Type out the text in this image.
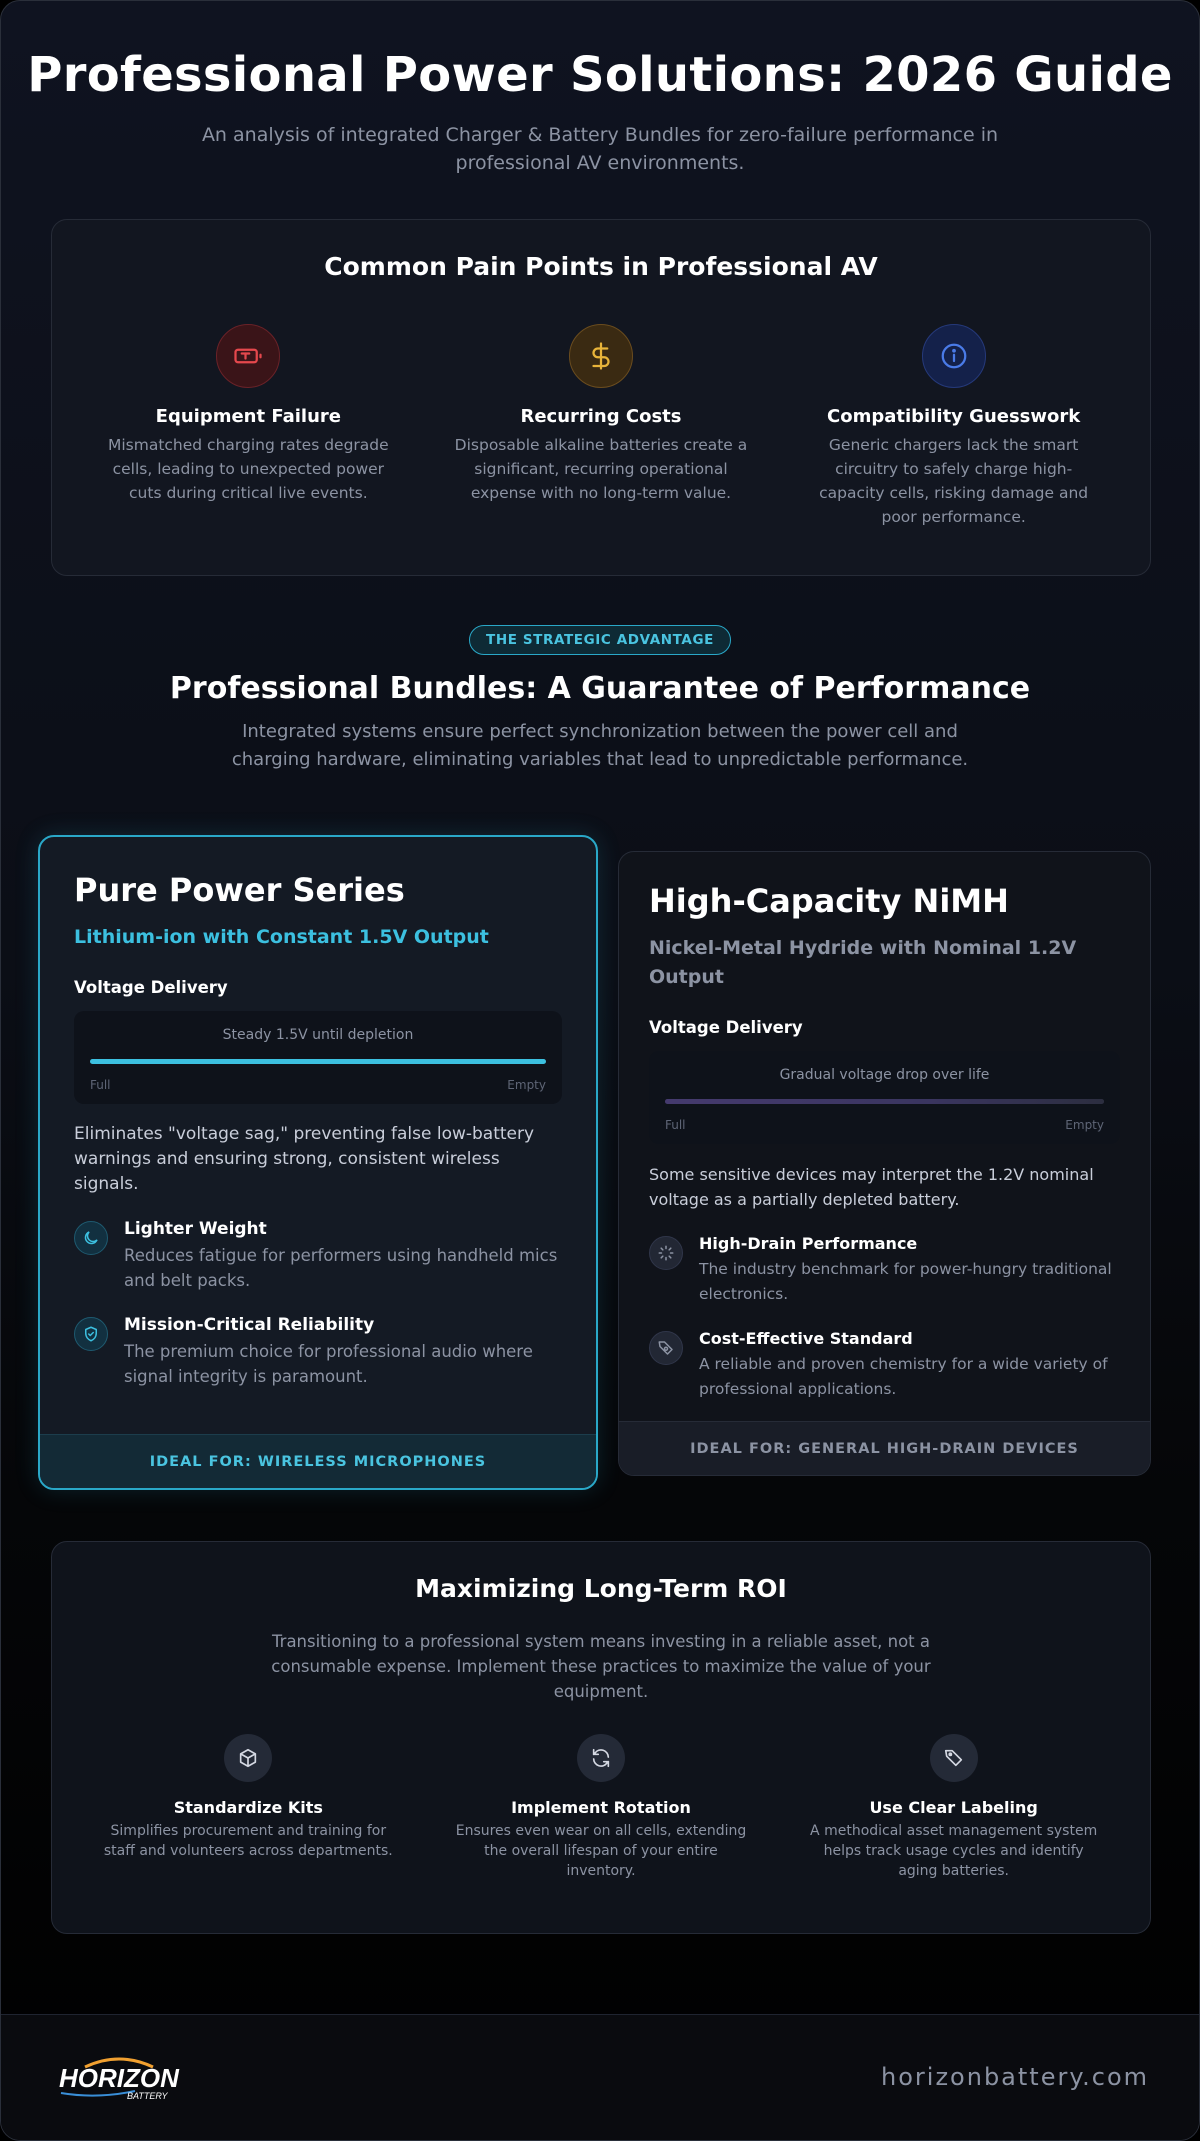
Professional Power Solutions: 2026 Guide

An analysis of integrated Charger & Battery Bundles for zero-failure performance in professional AV environments.

Common Pain Points in Professional AV
Equipment Failure

Mismatched charging rates degrade cells, leading to unexpected power cuts during critical live events.

Recurring Costs

Disposable alkaline batteries create a significant, recurring operational expense with no long-term value.

Compatibility Guesswork

Generic chargers lack the smart circuitry to safely charge high-capacity cells, risking damage and poor performance.

THE STRATEGIC ADVANTAGE
Professional Bundles: A Guarantee of Performance

Integrated systems ensure perfect synchronization between the power cell and charging hardware, eliminating variables that lead to unpredictable performance.

Pure Power Series
Lithium-ion with Constant 1.5V Output
Voltage Delivery
Steady 1.5V until depletion
Full	Empty

Eliminates "voltage sag," preventing false low-battery warnings and ensuring strong, consistent wireless signals.

Lighter Weight

Reduces fatigue for performers using handheld mics and belt packs.

Mission-Critical Reliability

The premium choice for professional audio where signal integrity is paramount.

IDEAL FOR: WIRELESS MICROPHONES
High-Capacity NiMH
Nickel-Metal Hydride with Nominal 1.2V Output
Voltage Delivery
Gradual voltage drop over life
Full	Empty

Some sensitive devices may interpret the 1.2V nominal voltage as a partially depleted battery.

High-Drain Performance

The industry benchmark for power-hungry traditional electronics.

Cost-Effective Standard

A reliable and proven chemistry for a wide variety of professional applications.

IDEAL FOR: GENERAL HIGH-DRAIN DEVICES
Maximizing Long-Term ROI

Transitioning to a professional system means investing in a reliable asset, not a consumable expense. Implement these practices to maximize the value of your equipment.

Standardize Kits

Simplifies procurement and training for staff and volunteers across departments.

Implement Rotation

Ensures even wear on all cells, extending the overall lifespan of your entire inventory.

Use Clear Labeling

A methodical asset management system helps track usage cycles and identify aging batteries.

HORIZON
BATTERY
horizonbattery.com
